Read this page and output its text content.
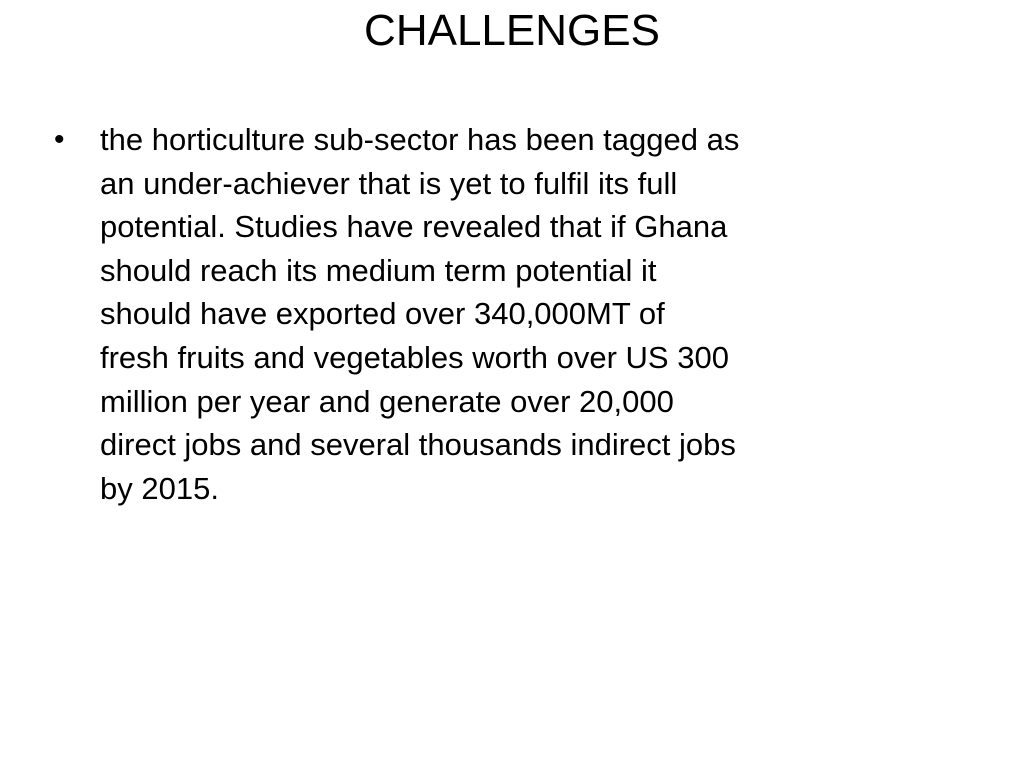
CHALLENGES
•	the horticulture sub-sector has been tagged as
an under-achiever that is yet to fulfil its full
potential. Studies have revealed that if Ghana
should reach its medium term potential it
should have exported over 340,000MT of
fresh fruits and vegetables worth over US 300
million per year and generate over 20,000
direct jobs and several thousands indirect jobs
by 2015.
